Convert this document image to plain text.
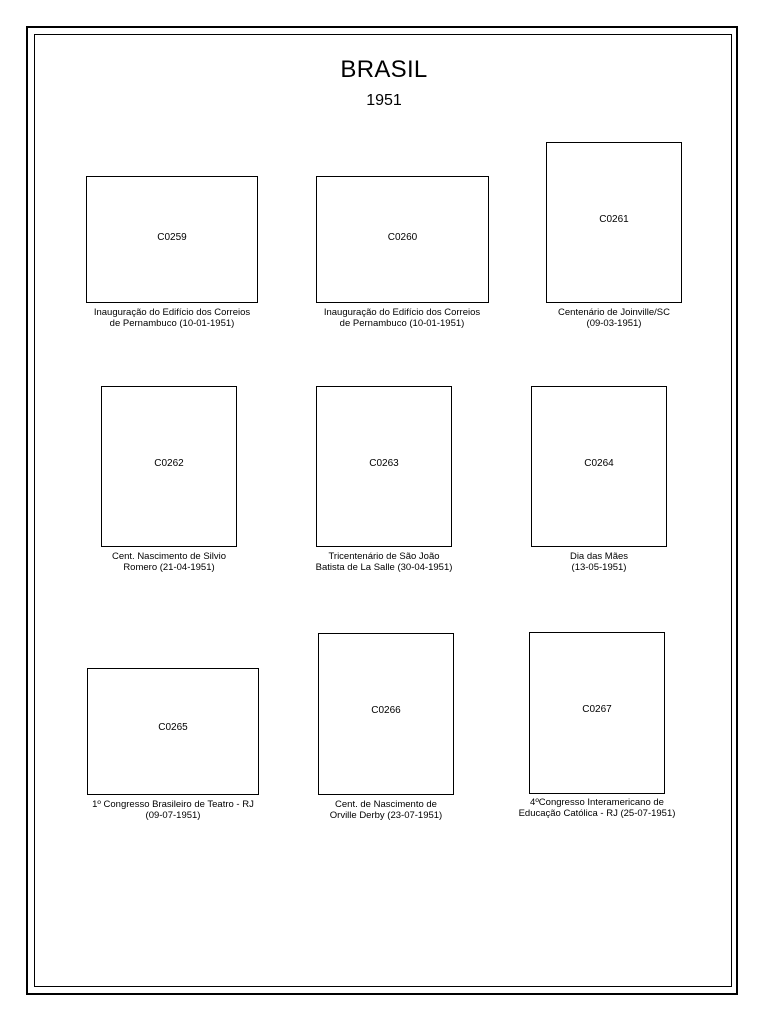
BRASIL
1951
C0259
Inauguração do Edifício dos Correios
de Pernambuco (10-01-1951)
C0260
Inauguração do Edifício dos Correios
de Pernambuco (10-01-1951)
C0261
Centenário de Joinville/SC
(09-03-1951)
C0262
Cent. Nascimento de Silvio
Romero (21-04-1951)
C0263
Tricentenário de São João
Batista de La Salle (30-04-1951)
C0264
Dia das Mães
(13-05-1951)
C0265
1º Congresso Brasileiro de Teatro - RJ
(09-07-1951)
C0266
Cent. de Nascimento de
Orville Derby (23-07-1951)
C0267
4ºCongresso Interamericano de
Educação Católica - RJ (25-07-1951)
